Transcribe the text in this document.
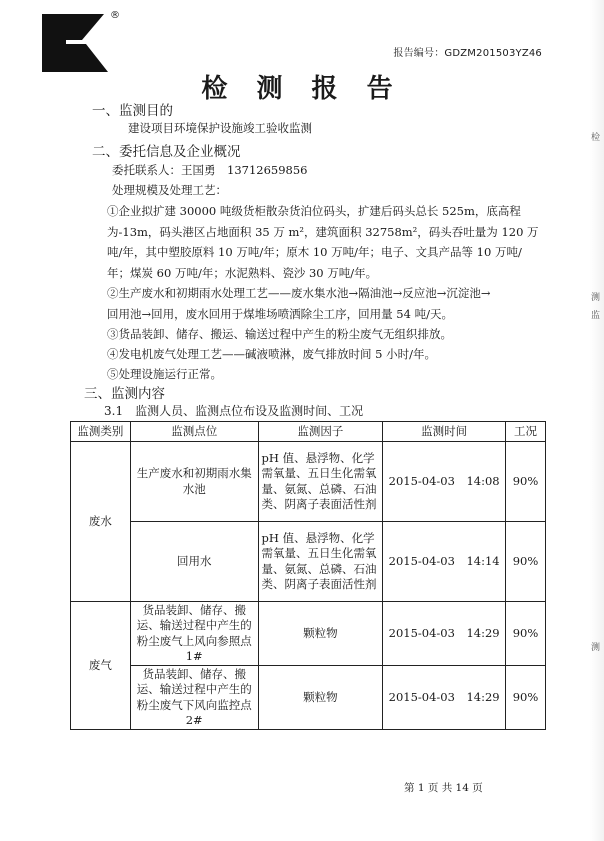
®
报告编号：GDZM201503YZ46
检 测 报 告
一、监测目的
建设项目环境保护设施竣工验收监测
二、委托信息及企业概况
委托联系人：王国勇　13712659856
处理规模及处理工艺：
①企业拟扩建 30000 吨级货柜散杂货泊位码头，扩建后码头总长 525m，底高程
为-13m，码头港区占地面积 35 万 m²，建筑面积 32758m²，码头吞吐量为 120 万
吨/年，其中塑胶原料 10 万吨/年；原木 10 万吨/年；电子、文具产品等 10 万吨/
年；煤炭 60 万吨/年；水泥熟料、瓷沙 30 万吨/年。
②生产废水和初期雨水处理工艺——废水集水池→隔油池→反应池→沉淀池→
回用池→回用，废水回用于煤堆场喷洒除尘工序，回用量 54 吨/天。
③货品装卸、储存、搬运、输送过程中产生的粉尘废气无组织排放。
④发电机废气处理工艺——碱液喷淋，废气排放时间 5 小时/年。
⑤处理设施运行正常。
三、监测内容
3.1　监测人员、监测点位布设及监测时间、工况
监测类别	监测点位	监测因子	监测时间	工况
废水	生产废水和初期雨水集水池	pH 值、悬浮物、化学需氧量、五日生化需氧量、氨氮、总磷、石油类、阴离子表面活性剂	2015-04-03　14:08	90%
	回用水	pH 值、悬浮物、化学需氧量、五日生化需氧量、氨氮、总磷、石油类、阴离子表面活性剂	2015-04-03　14:14	90%
废气	货品装卸、储存、搬运、输送过程中产生的粉尘废气上风向参照点1#	颗粒物	2015-04-03　14:29	90%
	货品装卸、储存、搬运、输送过程中产生的粉尘废气下风向监控点2#	颗粒物	2015-04-03　14:29	90%
第 1 页 共 14 页
检
测
监
测
